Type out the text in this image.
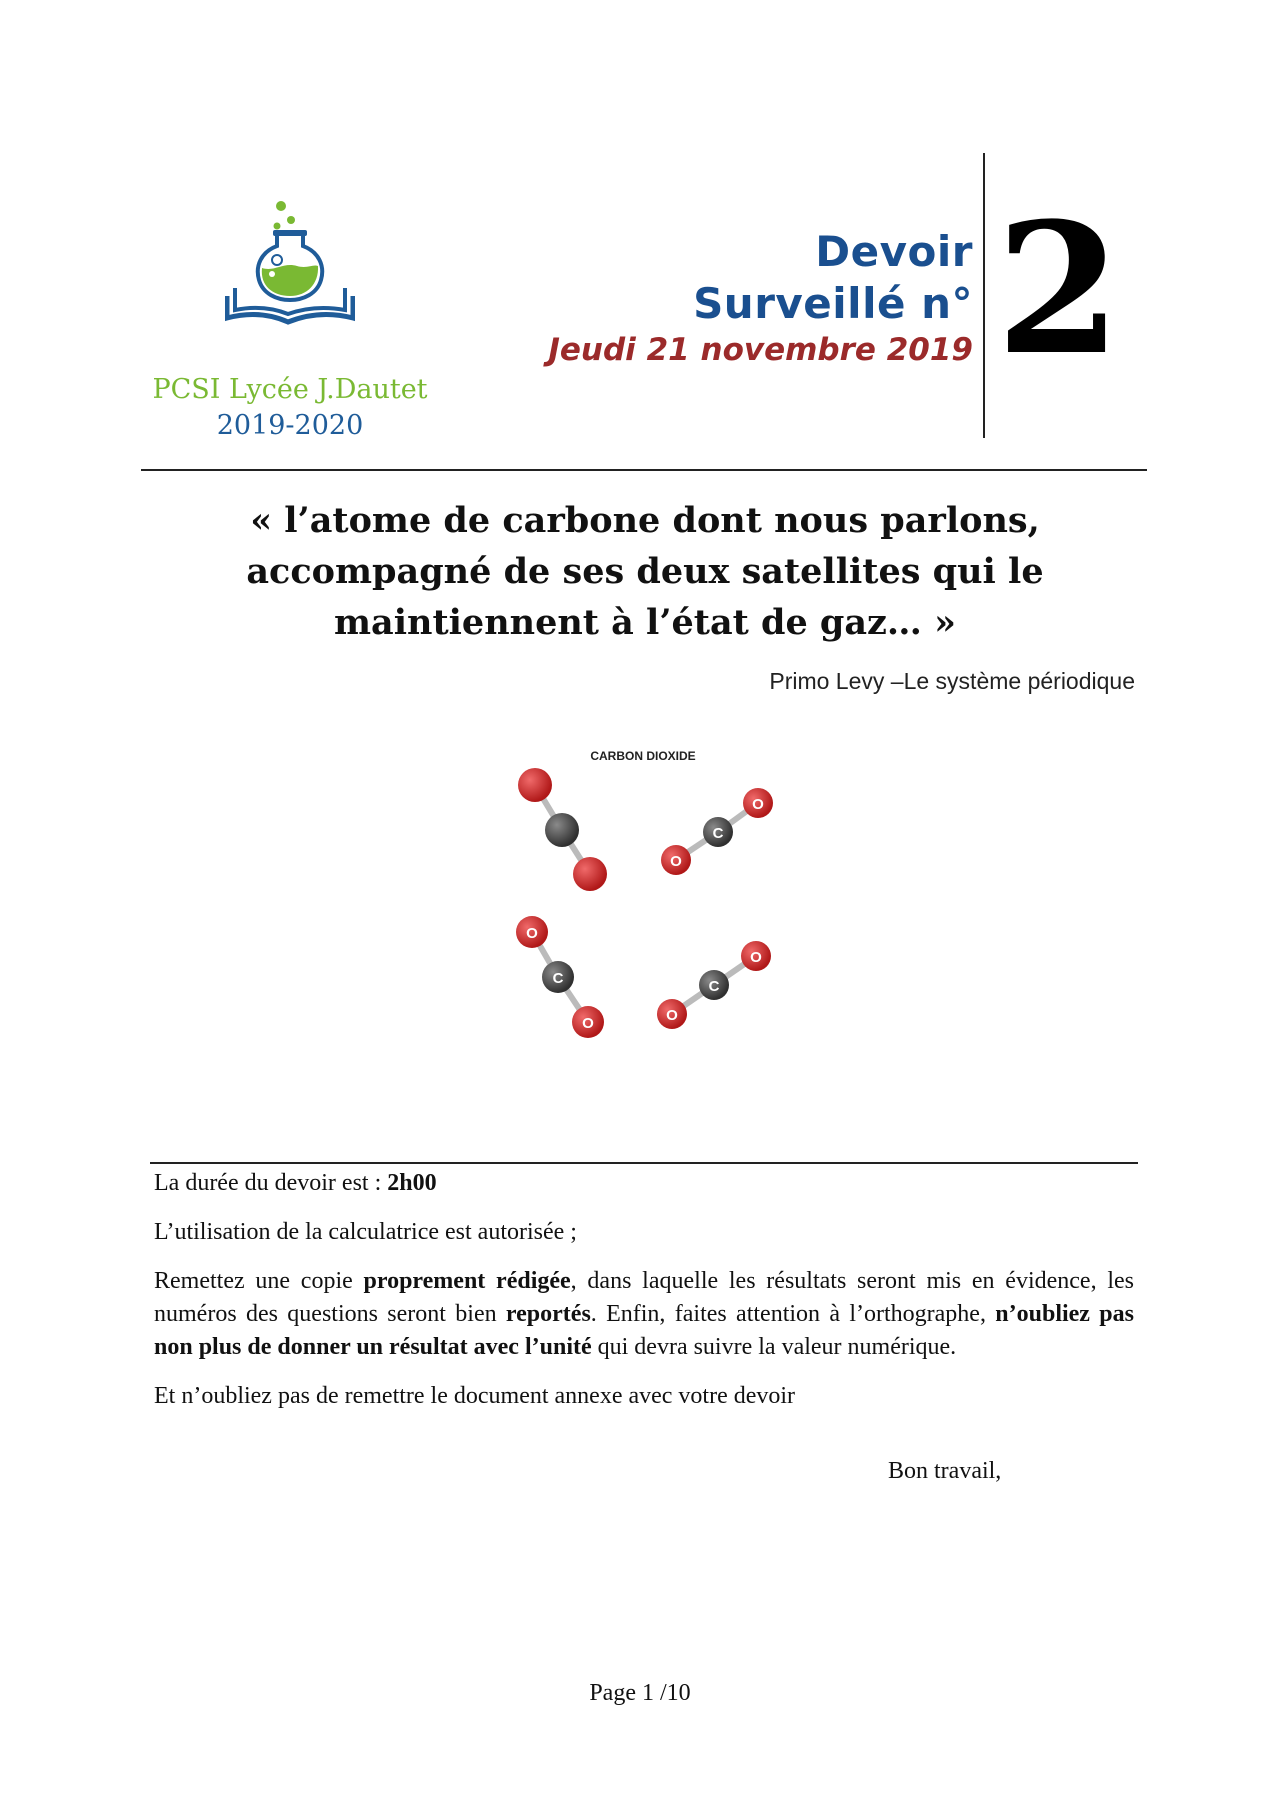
PCSI Lycée J.Dautet
2019-2020
Devoir
Surveillé n°
Jeudi 21 novembre 2019 2
« l’atome de carbone dont nous parlons,
accompagné de ses deux satellites qui le
maintiennent à l’état de gaz… »
Primo Levy –Le système périodique
CARBON DIOXIDE
O
C
O
O
C
O	O
C
O

La durée du devoir est : 2h00

L’utilisation de la calculatrice est autorisée ;

Remettez une copie proprement rédigée, dans laquelle les résultats seront mis en évidence, les numéros des questions seront bien reportés. Enfin, faites attention à l’orthographe, n’oubliez pas non plus de donner un résultat avec l’unité qui devra suivre la valeur numérique.

Et n’oubliez pas de remettre le document annexe avec votre devoir

Bon travail,
Page 1 /10
